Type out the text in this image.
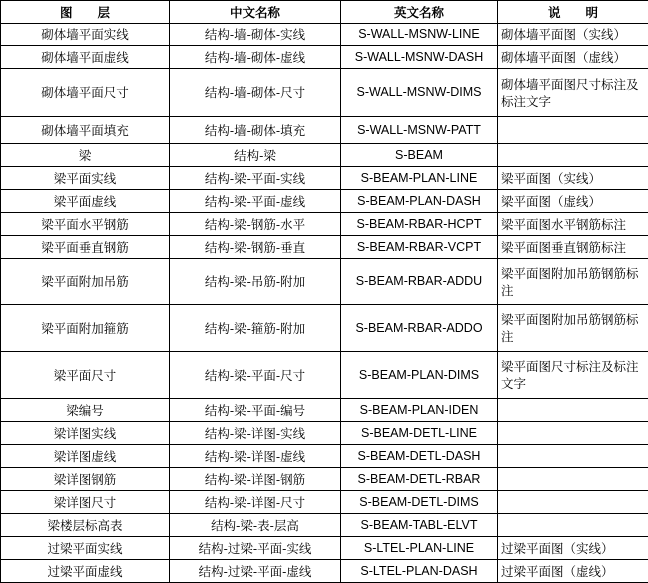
图　　层	中文名称	英文名称	说　　明
砌体墙平面实线	结构-墙-砌体-实线	S-WALL-MSNW-LINE	砌体墙平面图（实线）
砌体墙平面虚线	结构-墙-砌体-虚线	S-WALL-MSNW-DASH	砌体墙平面图（虚线）
砌体墙平面尺寸	结构-墙-砌体-尺寸	S-WALL-MSNW-DIMS	砌体墙平面图尺寸标注及标注文字
砌体墙平面填充	结构-墙-砌体-填充	S-WALL-MSNW-PATT	
梁	结构-梁	S-BEAM	
梁平面实线	结构-梁-平面-实线	S-BEAM-PLAN-LINE	梁平面图（实线）
梁平面虚线	结构-梁-平面-虚线	S-BEAM-PLAN-DASH	梁平面图（虚线）
梁平面水平钢筋	结构-梁-钢筋-水平	S-BEAM-RBAR-HCPT	梁平面图水平钢筋标注
梁平面垂直钢筋	结构-梁-钢筋-垂直	S-BEAM-RBAR-VCPT	梁平面图垂直钢筋标注
梁平面附加吊筋	结构-梁-吊筋-附加	S-BEAM-RBAR-ADDU	梁平面图附加吊筋钢筋标注
梁平面附加箍筋	结构-梁-箍筋-附加	S-BEAM-RBAR-ADDO	梁平面图附加吊筋钢筋标注
梁平面尺寸	结构-梁-平面-尺寸	S-BEAM-PLAN-DIMS	梁平面图尺寸标注及标注文字
梁编号	结构-梁-平面-编号	S-BEAM-PLAN-IDEN	
梁详图实线	结构-梁-详图-实线	S-BEAM-DETL-LINE	
梁详图虚线	结构-梁-详图-虚线	S-BEAM-DETL-DASH	
梁详图钢筋	结构-梁-详图-钢筋	S-BEAM-DETL-RBAR	
梁详图尺寸	结构-梁-详图-尺寸	S-BEAM-DETL-DIMS	
梁楼层标高表	结构-梁-表-层高	S-BEAM-TABL-ELVT	
过梁平面实线	结构-过梁-平面-实线	S-LTEL-PLAN-LINE	过梁平面图（实线）
过梁平面虚线	结构-过梁-平面-虚线	S-LTEL-PLAN-DASH	过梁平面图（虚线）
